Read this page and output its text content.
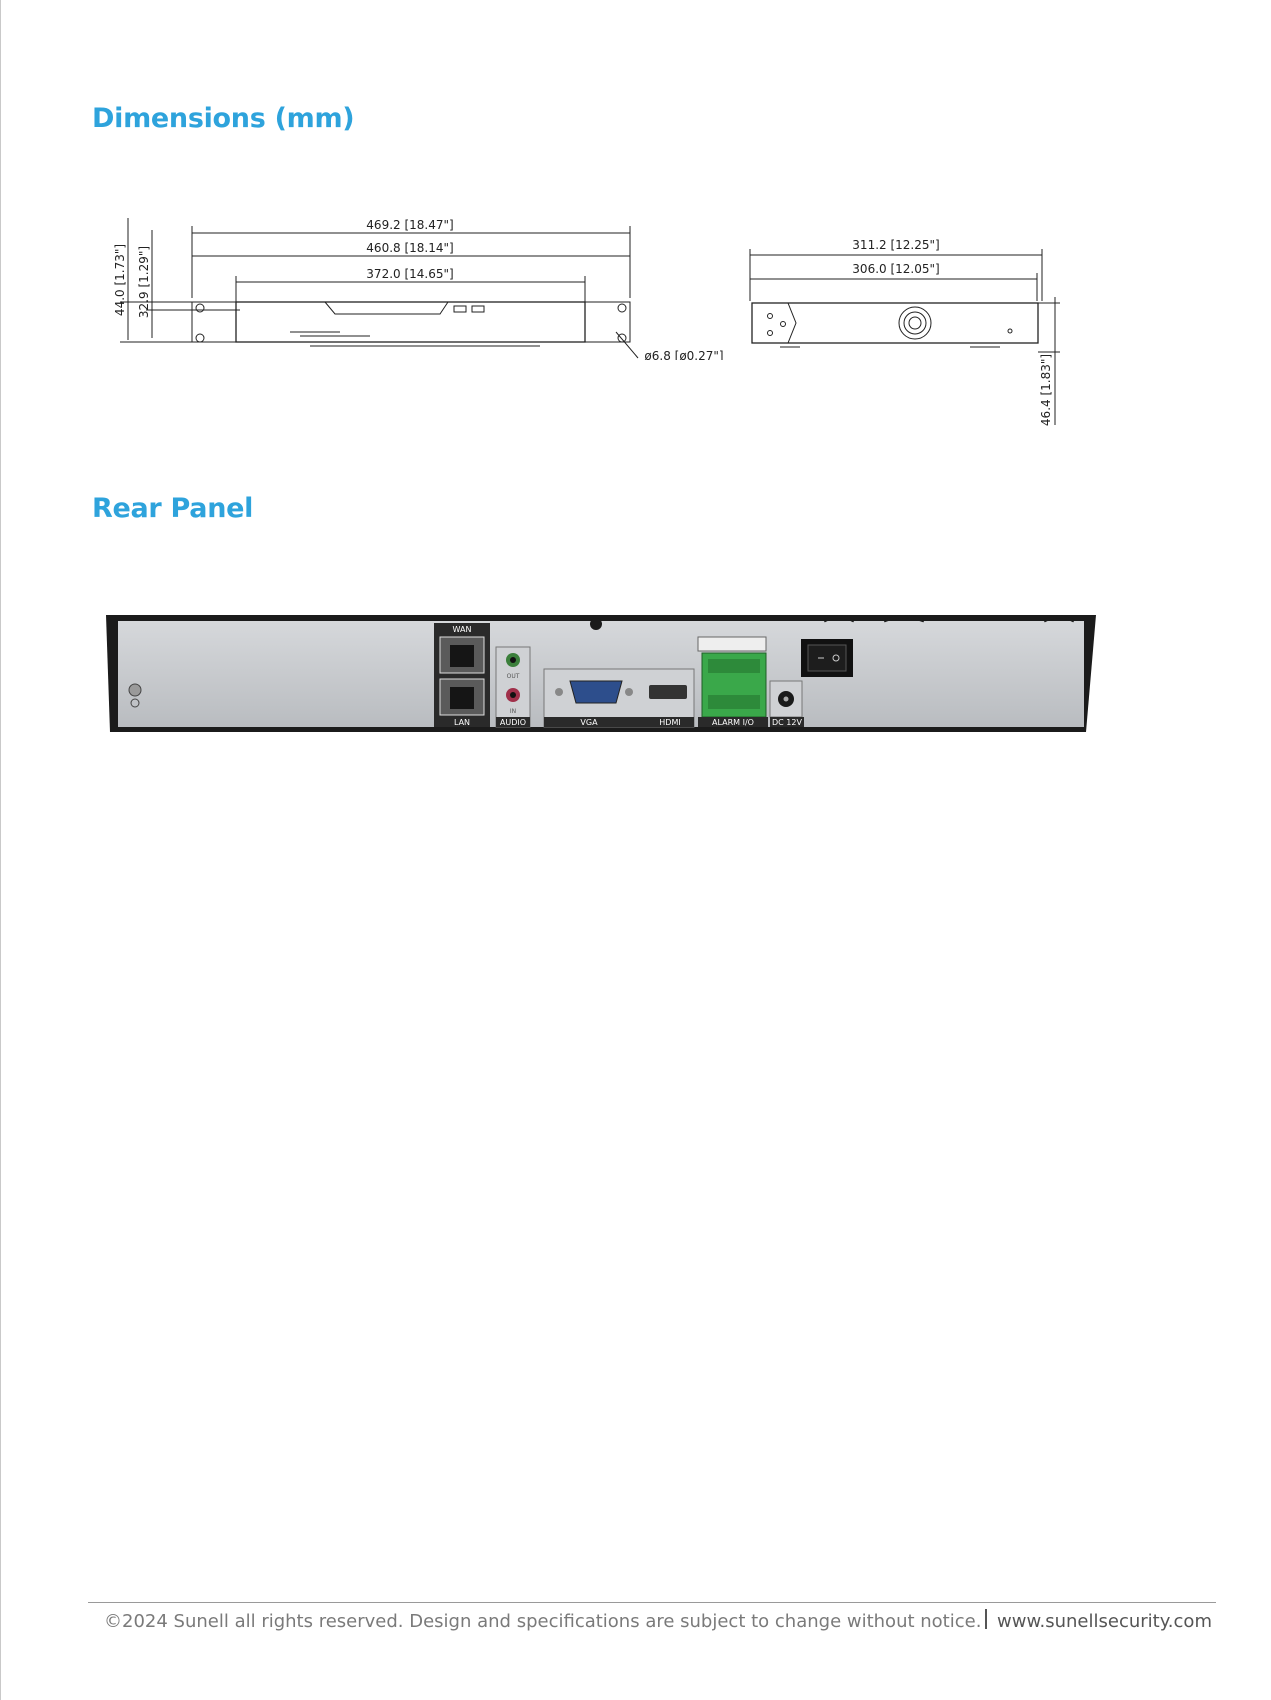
Dimensions (mm)
469.2 [18.47"]
460.8 [18.14"]
372.0 [14.65"]
44.0 [1.73"] 32.9 [1.29"]
ø6.8 [ø0.27"]
311.2 [12.25"]
306.0 [12.05"]
46.4 [1.83"]
Rear Panel
WAN
LAN
OUT
IN
AUDIO	VGA	HDMI	ALARM I/O DC 12V
©2024 Sunell all rights reserved. Design and specifications are subject to change without notice. www.sunellsecurity.com
